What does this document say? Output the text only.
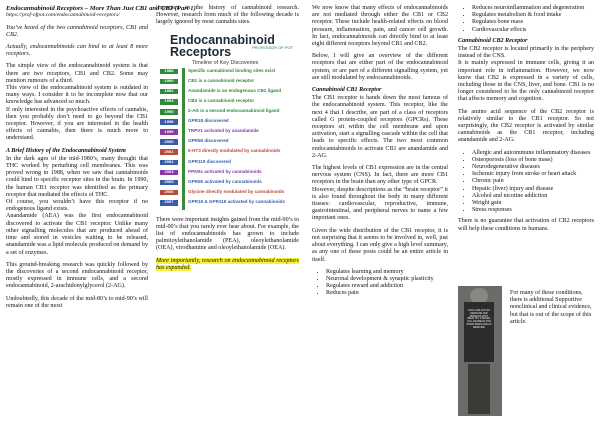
Endocannabinoid Receptors – More Than Just CB1 and CB2 (Part 1)
https://prof-ofpot.com/endocannabinoid-receptors/

You’ve heard of the two cannabinoid receptors, CB1 and CB2.

Actually, endocannabinoids can bind to at least 8 more receptors.

The simple view of the endocannabinoid system is that there are two receptors, CB1 and CB2. Some may mention rumours of a third.

This view of the endocannabinoid system is outdated in many ways. I consider it to be incomplete now that our knowledge has advanced so much.

If only interested in the psychoactive effects of cannabis, then you probably don’t need to go beyond the CB1 receptor. However, if you are interested in the health effects of cannabis, then there is much more to understand.

A Brief History of the Endocannabinoid System

In the dark ages of the mid-1980’s, many thought that THC worked by perturbing cell membranes. This was proved wrong in 1988, when we saw that cannabinoids could bind to specific receptor sites in the brain. In 1990, the human CB1 receptor was identified as the primary receptor that mediated the effects of THC.

Of course, you wouldn’t have this receptor if no endogenous ligand exists.

Anandamide (AEA) was the first endocannabinoid discovered to activate the CB1 receptor. Unlike many other signalling molecules that are produced ahead of time and stored in vesicles waiting to be released, anandamide was a lipid molecule produced on demand by a set of enzymes.

This ground-breaking research was quickly followed by the discoveries of a second endocannabinoid receptor, mostly expressed in immune cells, and a second endocannabinoid, 2-arachidonylglycerol (2-AG).

Undoubtedly, this decade of the mid-80’s to mid-90’s will remain one of the most

important in the history of cannabinoid research. However, research from much of the following decade is largely ignored by most cannabis sites.

Endocannabinoid
Receptors	PROFESSOR OF POT
Timeline of Key Discoveries
1988	Specific cannabinoid binding sites exist
1990	CB1 is a cannabinoid receptor
1992	Anandamide is an endogenous CB1 ligand
1993	CB2 is a cannabinoid receptor
1995	2-AG is a second endocannabinoid ligand
1998	GPR18 discovered
1999	TRPV1 activated by anandamide
2000	GPR55 discovered
2001	5-HT3 directly modulated by cannabinoids
2002	GPR119 discovered
2003	PPARs activated by cannabinoids
2005	GPR55 activated by cannabinoids
2006	Glycine directly modulated by cannabinoids
2007	GPR18 & GPR119 activated by cannabinoids

There were important insights gained from the mid-90’s to mid-00’s that you rarely ever hear about. For example, the list of endocannabinoids has grown to include palmitoylethanolamide (PEA), oleoylethanolamide (OEA), virodhamine and oleoylethanolamide (OEA).

More importantly, research on endocannabinoid receptors has expanded.

We now know that many effects of endocannabinoids are not mediated through either the CB1 or CB2 receptor. These include health-related effects on blood pressure, inflammation, pain, and cancer cell growth. In fact, endocannabinoids can directly bind to at least eight different receptors beyond CB1 and CB2.

Below, I will give an overview of the different receptors that are either part of the endocannabinoid system, or are part of a different signalling system, yet are still modulated by endocannabinoids.

Cannabinoid CB1 Receptor

The CB1 receptor is hands down the most famous of the endocannabinoid system. This receptor, like the next 4 that I describe, are part of a class of receptors called G protein-coupled receptors (GPCRs). These receptors sit within the cell membrane and upon activation, start a signalling cascade within the cell that leads to specific effects. The two most common endocannabinoids to activate CB1 are anandamide and 2-AG.

The highest levels of CB1 expression are in the central nervous system (CNS). In fact, there are more CB1 receptors in the brain than any other type of GPCR.

However, despite descriptions as the “brain receptor” it is also found throughout the body in many different tissues: cardiovascular, reproductive, immune, gastrointestinal, and peripheral nerves to name a few important ones.

Given the wide distribution of the CB1 receptor, it is not surprising that it seems to be involved in, well, just about everything. I can only give a high level summary, as any one of these posts could be an entire article in itself.

• Regulates learning and memory
• Neuronal development & synaptic plasticity
• Regulates reward and addiction
• Reduces pain
• Reduces neuroinflammation and degeneration
• Regulates metabolism & food intake
• Regulates bone mass
• Cardiovascular effects
Cannabinoid CB2 Receptor

The CB2 receptor is located primarily in the periphery instead of the CNS.

It is mainly expressed in immune cells, giving it an important role in inflammation. However, we now know that CB2 is expressed in a variety of cells, including those in the CNS, liver, and bone. CB1 is no longer considered to be the only cannabinoid receptor that affects memory and cognition.

The amino acid sequence of the CB2 receptor is relatively similar to the CB1 receptor. So not surprisingly, the CB2 receptor is activated by similar cannabinoids as the CB1 receptor, including anandamide and 2-AG.

• Allergic and autoimmune inflammatory diseases
• Osteoporosis (loss of bone mass)
• Neurodegenerative diseases
• Ischemic injury from stroke or heart attack
• Chronic pain
• Hepatic (liver) injury and disease
• Alcohol and nicotine addiction
• Weight gain
• Stress responses

There is no guarantee that activation of CB2 receptors will help these conditions in humans.

LOOK LIKE ACTUAL MEDICINE AND PERSONS WITH WEAK HIV, CANCER, ALS, ANOREXIA FOR WHOM MARIJUANA IS MEDICINE
For many of these conditions, there is additional Supportive nonclinical and clinical evidence, but that is out of the scope of this article.
